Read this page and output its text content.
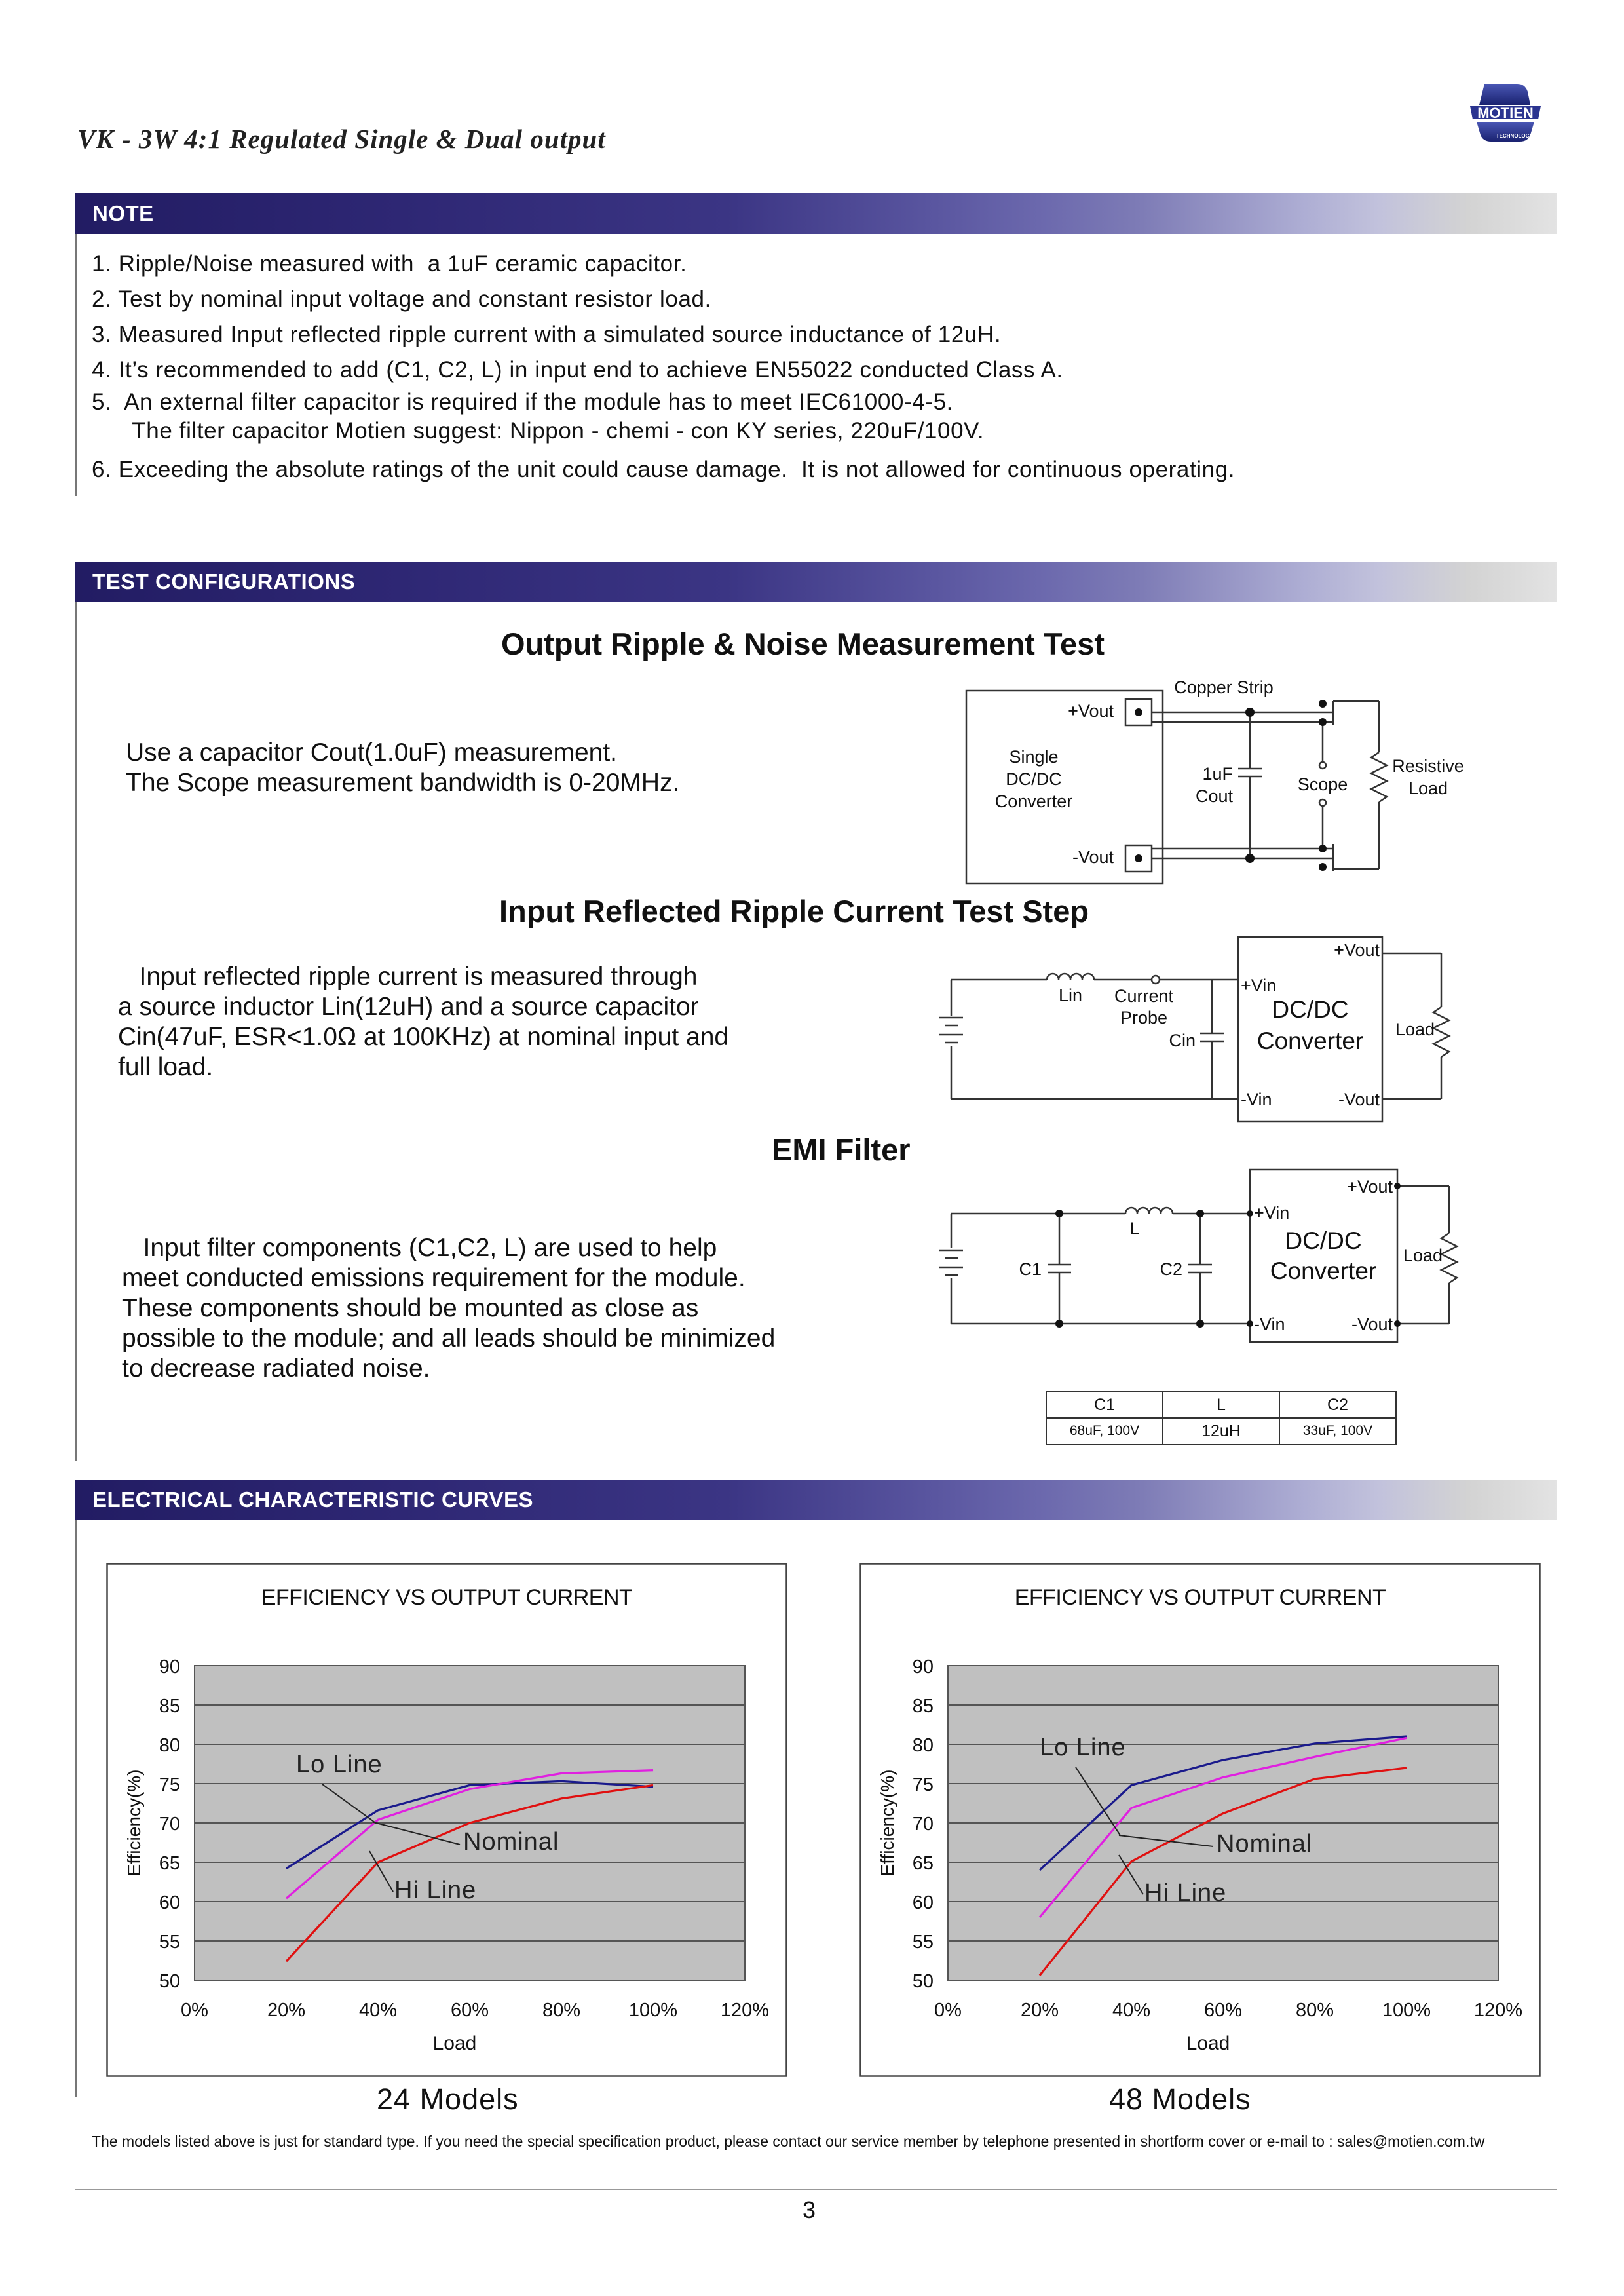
VK - 3W 4:1 Regulated Single & Dual output
MOTIEN
TECHNOLOGY
NOTE
1. Ripple/Noise measured with  a 1uF ceramic capacitor.
2. Test by nominal input voltage and constant resistor load.
3. Measured Input reflected ripple current with a simulated source inductance of 12uH.
4. It’s recommended to add (C1, C2, L) in input end to achieve EN55022 conducted Class A.
5.  An external filter capacitor is required if the module has to meet IEC61000-4-5.
The filter capacitor Motien suggest: Nippon - chemi - con KY series, 220uF/100V.
6. Exceeding the absolute ratings of the unit could cause damage.  It is not allowed for continuous operating.
TEST CONFIGURATIONS
Output Ripple & Noise Measurement Test
Use a capacitor Cout(1.0uF) measurement.
The Scope measurement bandwidth is 0-20MHz.
+Vout
-Vout
Single
DC/DC
Converter
Copper Strip
1uF
Cout
Scope
Resistive
Load
Input Reflected Ripple Current Test Step
Input reflected ripple current is measured through
a source inductor Lin(12uH) and a source capacitor
Cin(47uF, ESR<1.0Ω at 100KHz) at nominal input and
full load.
Lin Current
Probe
Cin
+Vin
-Vin
+Vout
-Vout
Load
DC/DC
Converter
EMI Filter
Input filter components (C1,C2, L) are used to help
meet conducted emissions requirement for the module.
These components should be mounted as close as
possible to the module; and all leads should be minimized
to decrease radiated noise.
C1	C2
L
+Vin
-Vin
+Vout
-Vout
Load
DC/DC
Converter
C1	L	C2
68uF, 100V	12uH	33uF, 100V
ELECTRICAL CHARACTERISTIC CURVES
EFFICIENCY VS OUTPUT CURRENT
90
85
80
75
70
65
60
55
50
0%	20%	40%	60%	80%	100% 120%
Load
Efficiency(%)
Lo Line
Nominal
Hi Line
EFFICIENCY VS OUTPUT CURRENT
90
85
80
75
70
65
60
55
50
0%	20%	40%	60%	80%	100% 120%
Load
Efficiency(%)
Lo Line
Nominal
Hi Line
24 Models	48 Models
The models listed above is just for standard type. If you need the special specification product, please contact our service member by telephone presented in shortform cover or e-mail to : sales@motien.com.tw
3
